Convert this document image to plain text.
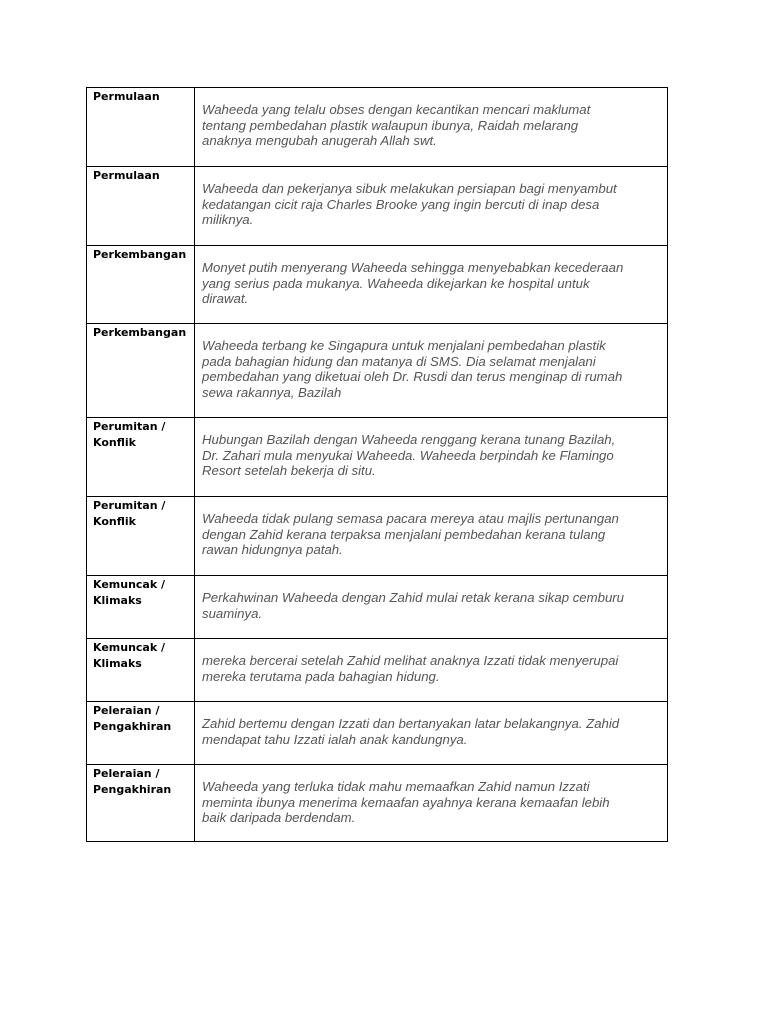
Permulaan	Waheeda yang telalu obses dengan kecantikan mencari maklumat
tentang pembedahan plastik walaupun ibunya, Raidah melarang
anaknya mengubah anugerah Allah swt.

Permulaan	Waheeda dan pekerjanya sibuk melakukan persiapan bagi menyambut
kedatangan cicit raja Charles Brooke yang ingin bercuti di inap desa
miliknya.

Perkembangan	Monyet putih menyerang Waheeda sehingga menyebabkan kecederaan
yang serius pada mukanya. Waheeda dikejarkan ke hospital untuk
dirawat.

Perkembangan	Waheeda terbang ke Singapura untuk menjalani pembedahan plastik
pada bahagian hidung dan matanya di SMS. Dia selamat menjalani
pembedahan yang diketuai oleh Dr. Rusdi dan terus menginap di rumah
sewa rakannya, Bazilah

Perumitan /
Konflik	Hubungan Bazilah dengan Waheeda renggang kerana tunang Bazilah,
Dr. Zahari mula menyukai Waheeda. Waheeda berpindah ke Flamingo
Resort setelah bekerja di situ.

Perumitan /
Konflik	Waheeda tidak pulang semasa pacara mereya atau majlis pertunangan
dengan Zahid kerana terpaksa menjalani pembedahan kerana tulang
rawan hidungnya patah.

Kemuncak /
Klimaks	Perkahwinan Waheeda dengan Zahid mulai retak kerana sikap cemburu
suaminya.

Kemuncak /
Klimaks	mereka bercerai setelah Zahid melihat anaknya Izzati tidak menyerupai
mereka terutama pada bahagian hidung.

Peleraian /
Pengakhiran	Zahid bertemu dengan Izzati dan bertanyakan latar belakangnya. Zahid
mendapat tahu Izzati ialah anak kandungnya.

Peleraian /
Pengakhiran	Waheeda yang terluka tidak mahu memaafkan Zahid namun Izzati
meminta ibunya menerima kemaafan ayahnya kerana kemaafan lebih
baik daripada berdendam.
